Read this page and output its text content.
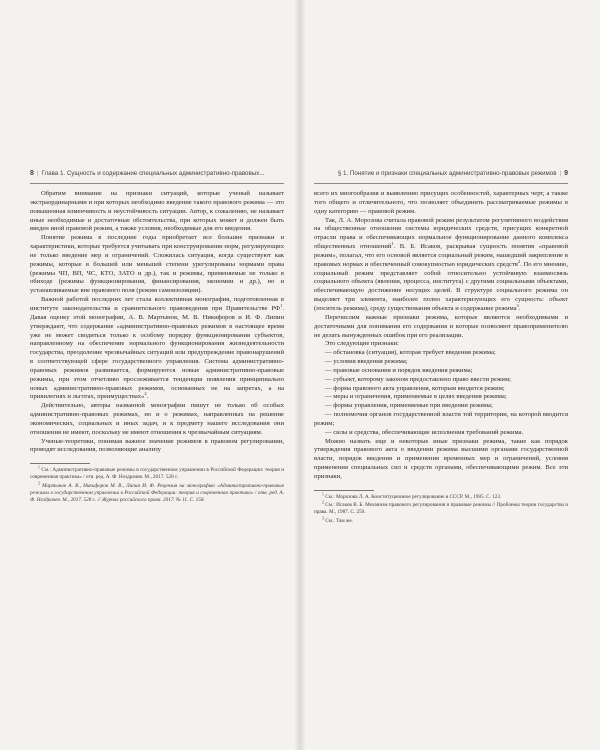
8 | Глава 1. Сущность и содержание специальных административно-правовых...

Обратим внимание на признаки ситуаций, которые ученый называет экстраординарными и при которых необходимо введение такого правового режима — это повышенная изменчивость и неустойчивость ситуации. Автор, к сожалению, не называет иные необходимые и достаточные обстоятельства, при которых может и должен быть введен иной правовой режим, а также условия, необходимые для его введения.

Понятие режима в последние годы приобретает все большие признаки и характеристики, которые требуется учитывать при конструировании норм, регулирующих не только введение мер и ограничений. Сложилась ситуация, когда существуют как режимы, которые в большей или меньшей степени урегулированы нормами права (режимы ЧП, ВП, ЧС, КТО, ЗАТО и др.), так и режимы, применяемые не только в обиходе (режимы функционирования, финансирования, экономии и др.), но и устанавливаемые вне правового поля (режим самоизоляции).

Важной работой последних лет стала коллективная монография, подготовленная в институте законодательства и сравнительного правоведения при Правительстве $РФ^1$. Давая оценку этой монографии, А. В. Мартынов, М. В. Никифоров и И. Ф. Липин утверждают, что содержание «административно-правовых режимов в настоящее время уже не может сводиться только к особому порядку функционирования субъектов, направленному на обеспечение нормального функционирования жизнедеятельности государства, преодоление чрезвычайных ситуаций или предупреждение правонарушений в соответствующей сфере государственного управления. Система административно-правовых режимов развивается, формируются новые административно-правовые режимы, при этом отчетливо прослеживается тенденция появления принципиально новых административно-правовых режимов, основанных не на запретах, а на привилегиях и льготах, преимуществах»$^2$.

Действительно, авторы названной монографии пишут не только об особых административно-правовых режимах, но и о режимах, направленных на решение экономических, социальных и иных задач, и к предмету нашего исследования они отношения не имеют, поскольку не имеют отношения к чрезвычайным ситуациям.

Ученые-теоретики, понимая важное значение режимов в правовом регулировании, проводят исследования, позволяющие анализу

$^1$ См.: Административно-правовые режимы в государственном управлении в Российской Федерации: теория и современная практика» / отв. ред. А. Ф. Ноздрачев. М., 2017. 528 с.

$^2$ Мартынов А. В., Никифоров М. В., Липин И. Ф. Рецензия на монографию «Административно-правовые режимы в государственном управлении в Российской Федерации: теория и современная практика» / отв. ред. А. Ф. Ноздрачев. М., 2017. 528 с. // Журнал российского права. 2017. № 11. С. 158.

§ 1. Понятие и признаки специальных административно-правовых режимов | 9

всего их многообразия и выявлению присущих особенностей, характерных черт, а также того общего и отличительного, что позволяет объединить рассматриваемые режимы в одну категорию — правовой режим.

Так, Л. А. Морозова считала правовой режим результатом регулятивного воздействия на общественные отношения системы юридических средств, присущих конкретной отрасли права и обеспечивающих нормальное функционирование данного комплекса общественных отношений$^1$. В. Б. Исаков, раскрывая сущность понятия «правовой режим», полагал, что его основой является социальный режим, нашедший закрепление в правовых нормах и обеспеченный совокупностью юридических средств$^2$. По его мнению, социальный режим представляет собой относительно устойчивую взаимосвязь социального объекта (явления, процесса, института) с другими социальными объектами, обеспечивающую достижение несущих целей. В структуре социального режима он выделяет три элемента, наиболее полно характеризующих его сущность: объект (носитель режима), среду существования объекта и содержание режима$^3$.

Перечислим важные признаки режима, которые являются необходимыми и достаточными для понимания его содержания и которые позволяют правоприменителю не делать вынужденных ошибок при его реализации.

Это следующие признаки:

— обстановка (ситуация), которая требует введения режима;

— условия введения режима;

— правовые основания и порядок введения режима;

— субъект, которому законом предоставлено право ввести режим;

— форма правового акта управления, которым вводится режим;

— меры и ограничения, применяемые в целях введения режима;

— формы управления, применяемые при введении режима;

— полномочия органов государственной власти той территории, на которой вводится режим;

— силы и средства, обеспечивающие исполнения требований режима.

Можно назвать еще и некоторые иные признаки режима, такие как порядок утверждения правового акта о введении режима высшими органами государственной власти, порядок введения и применения временных мер и ограничений, условия применения специальных сил и средств органами, обеспечивающими режим. Все эти признаки,

$^1$ См.: Морозова Л. А. Конституционное регулирование в СССР. М., 1985. С. 123.

$^2$ См.: Исаков В. Б. Механизм правового регулирования и правовые режимы // Проблемы теории государства и права. М., 1987. С. 259.

$^3$ См.: Там же.
